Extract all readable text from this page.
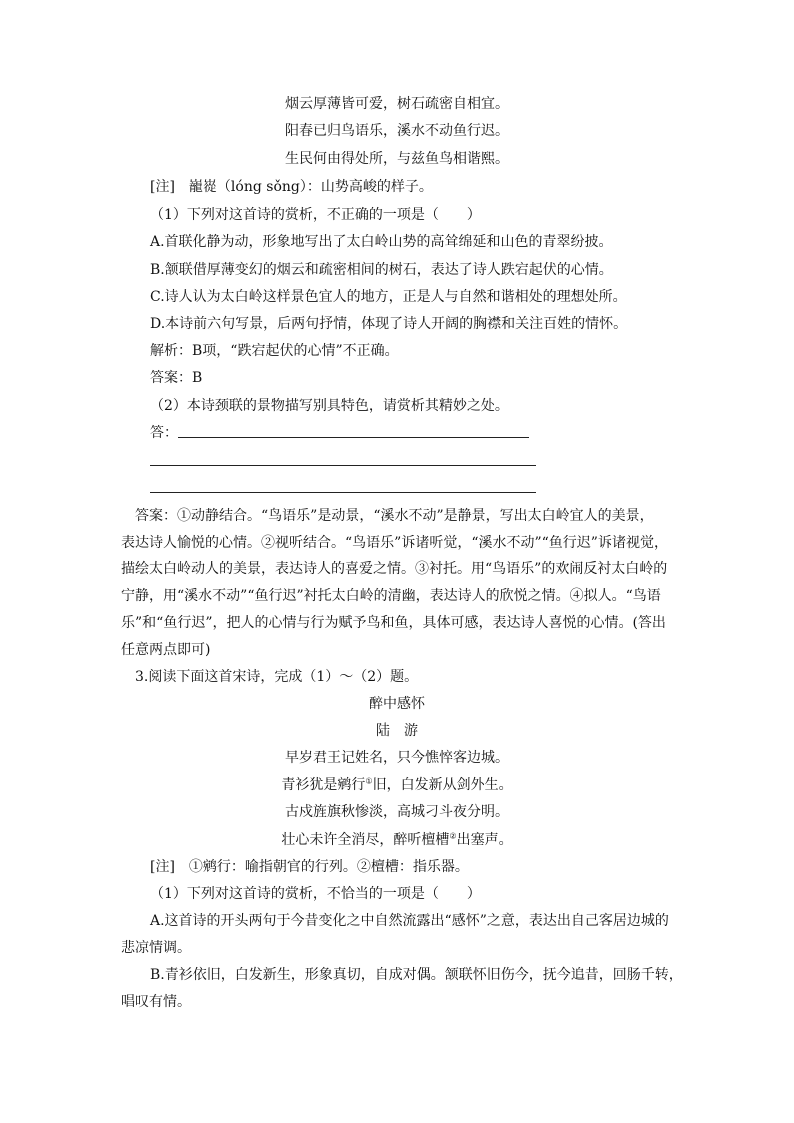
烟云厚薄皆可爱，树石疏密自相宜。
阳春已归鸟语乐，溪水不动鱼行迟。
生民何由得处所，与兹鱼鸟相谐熙。
[注]　巃嵸（lóng sǒng）：山势高峻的样子。
（1）下列对这首诗的赏析，不正确的一项是（　　）
A.首联化静为动，形象地写出了太白岭山势的高耸绵延和山色的青翠纷披。
B.颔联借厚薄变幻的烟云和疏密相间的树石，表达了诗人跌宕起伏的心情。
C.诗人认为太白岭这样景色宜人的地方，正是人与自然和谐相处的理想处所。
D.本诗前六句写景，后两句抒情，体现了诗人开阔的胸襟和关注百姓的情怀。
解析：B项，“跌宕起伏的心情”不正确。
答案：B
（2）本诗颈联的景物描写别具特色，请赏析其精妙之处。
答：
　答案：①动静结合。“鸟语乐”是动景，“溪水不动”是静景，写出太白岭宜人的美景，
表达诗人愉悦的心情。②视听结合。“鸟语乐”诉诸听觉，“溪水不动”“鱼行迟”诉诸视觉，
描绘太白岭动人的美景，表达诗人的喜爱之情。③衬托。用“鸟语乐”的欢闹反衬太白岭的
宁静，用“溪水不动”“鱼行迟”衬托太白岭的清幽，表达诗人的欣悦之情。④拟人。“鸟语
乐”和“鱼行迟”，把人的心情与行为赋予鸟和鱼，具体可感，表达诗人喜悦的心情。(答出
任意两点即可)
　3.阅读下面这首宋诗，完成（1）～（2）题。
醉中感怀
陆　游
早岁君王记姓名，只今憔悴客边城。
青衫犹是鹓行①旧，白发新从剑外生。
古戍旌旗秋惨淡，高城刁斗夜分明。
壮心未许全消尽，醉听檀槽②出塞声。
[注]　①鹓行：喻指朝官的行列。②檀槽：指乐器。
（1）下列对这首诗的赏析，不恰当的一项是（　　）
A.这首诗的开头两句于今昔变化之中自然流露出“感怀”之意，表达出自己客居边城的
悲凉情调。
B.青衫依旧，白发新生，形象真切，自成对偶。颔联怀旧伤今，抚今追昔，回肠千转，
唱叹有情。
